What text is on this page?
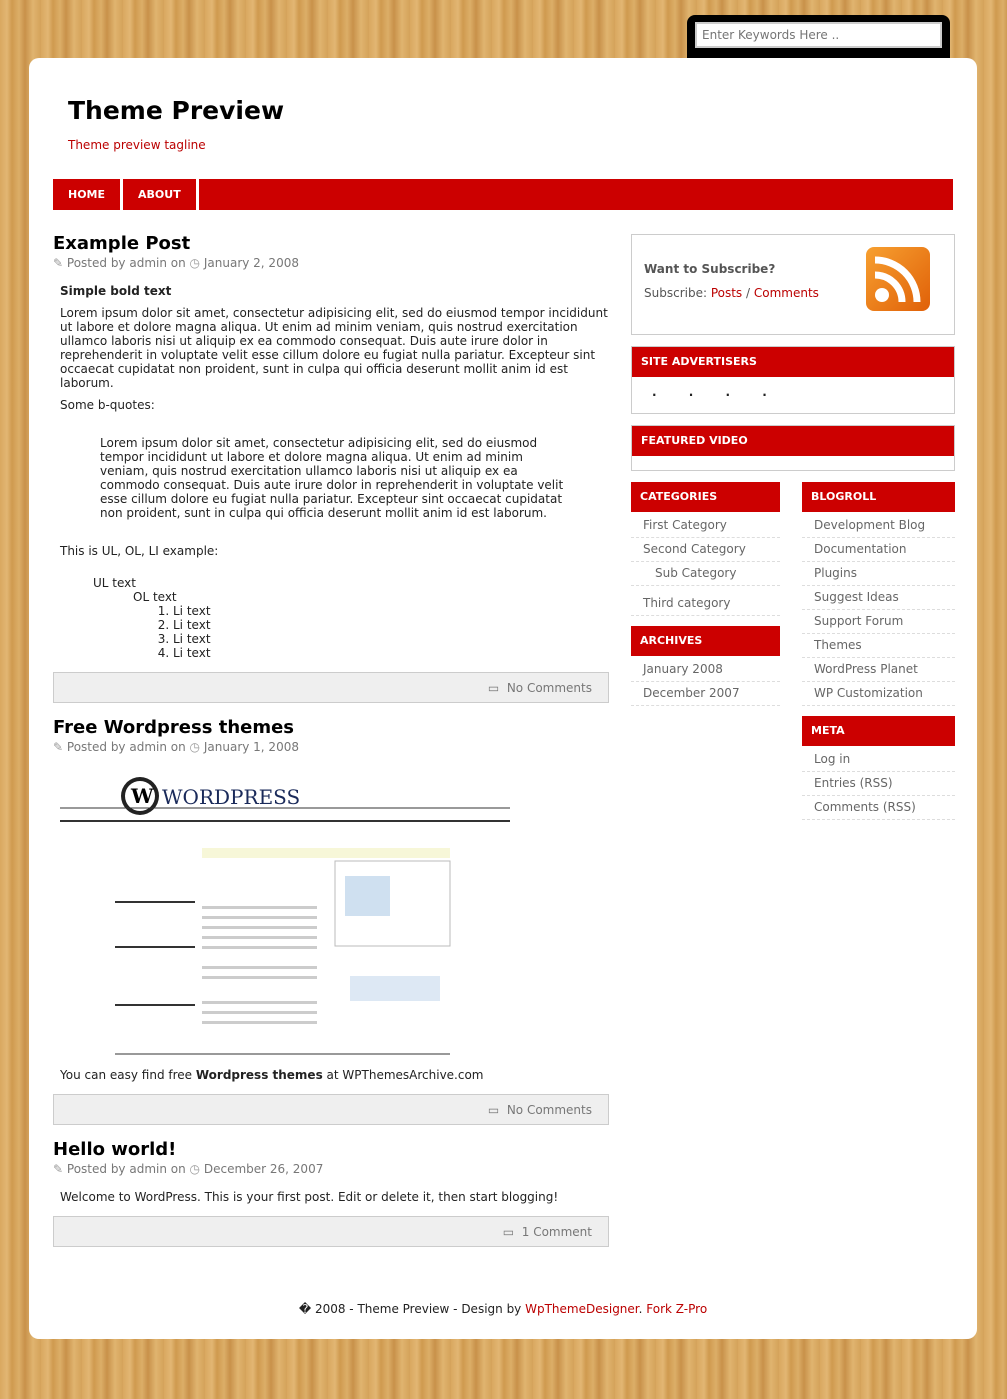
Enter Keywords Here ..
Theme Preview
Theme preview tagline
HOME	ABOUT
Example Post
✎ Posted by admin on ◷ January 2, 2008

Simple bold text

Lorem ipsum dolor sit amet, consectetur adipisicing elit, sed do eiusmod tempor incididunt ut labore et dolore magna aliqua. Ut enim ad minim veniam, quis nostrud exercitation ullamco laboris nisi ut aliquip ex ea commodo consequat. Duis aute irure dolor in reprehenderit in voluptate velit esse cillum dolore eu fugiat nulla pariatur. Excepteur sint occaecat cupidatat non proident, sunt in culpa qui officia deserunt mollit anim id est laborum.

Some b-quotes:

Lorem ipsum dolor sit amet, consectetur adipisicing elit, sed do eiusmod tempor incididunt ut labore et dolore magna aliqua. Ut enim ad minim veniam, quis nostrud exercitation ullamco laboris nisi ut aliquip ex ea commodo consequat. Duis aute irure dolor in reprehenderit in voluptate velit esse cillum dolore eu fugiat nulla pariatur. Excepteur sint occaecat cupidatat non proident, sunt in culpa qui officia deserunt mollit anim id est laborum.

This is UL, OL, LI example:

UL text
OL text
1. Li text
2. Li text
3. Li text
4. Li text
▭ No Comments
Free Wordpress themes
✎ Posted by admin on ◷ January 1, 2008
W WORDPRESS

You can easy find free Wordpress themes at WPThemesArchive.com

▭ No Comments
Hello world!
✎ Posted by admin on ◷ December 26, 2007

Welcome to WordPress. This is your first post. Edit or delete it, then start blogging!

▭ 1 Comment
Want to Subscribe?
Subscribe: Posts / Comments
SITE ADVERTISERS
. . . .
FEATURED VIDEO
CATEGORIES
First Category
Second Category
Sub Category
Third category
ARCHIVES
January 2008
December 2007
BLOGROLL
Development Blog
Documentation
Plugins
Suggest Ideas
Support Forum
Themes
WordPress Planet
WP Customization
META
Log in
Entries (RSS)
Comments (RSS)
� 2008 - Theme Preview - Design by WpThemeDesigner. Fork Z-Pro
